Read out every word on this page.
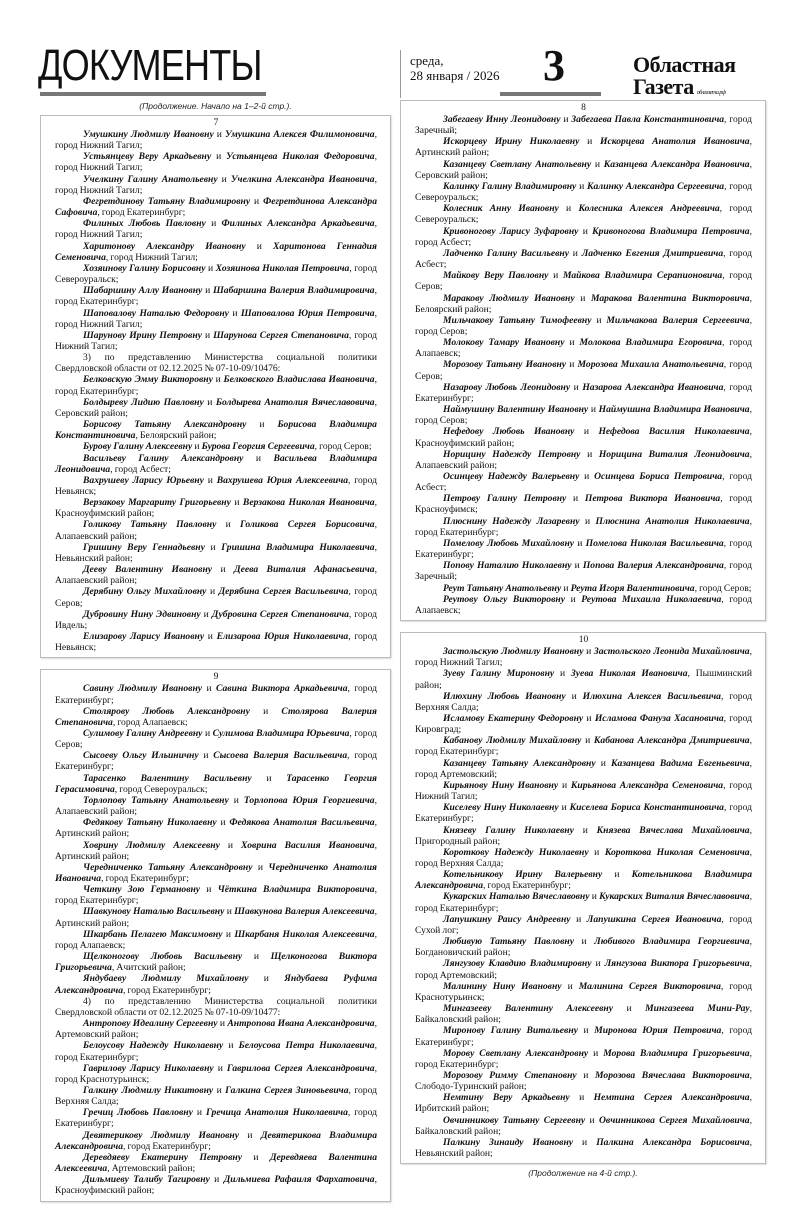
ДОКУМЕНТЫ	среда,
28 января / 2026 3	Областная
Газета облгазета.рф
(Продолжение. Начало на 1–2-й стр.).
7

Умушкину Людмилу Ивановну и Умушкина Алексея Филимоновича, город Нижний Тагил;

Устьянцеву Веру Аркадьевну и Устьянцева Николая Федоровича, город Нижний Тагил;

Учелкину Галину Анатольевну и Учелкина Александра Ивановича, город Нижний Тагил;

Фегретдинову Татьяну Владимировну и Фегретдинова Александра Сафовича, город Екатеринбург;

Филиных Любовь Павловну и Филиных Александра Аркадьевича, город Нижний Тагил;

Харитонову Александру Ивановну и Харитонова Геннадия Семеновича, город Нижний Тагил;

Хозяинову Галину Борисовну и Хозяинова Николая Петровича, город Североуральск;

Шабаршину Аллу Ивановну и Шабаршина Валерия Владимировича, город Екатеринбург;

Шаповалову Наталью Федоровну и Шаповалова Юрия Петровича, город Нижний Тагил;

Шарунову Ирину Петровну и Шарунова Сергея Степановича, город Нижний Тагил;

3) по представлению Министерства социальной политики Свердловской области от 02.12.2025 № 07-10-09/10476:

Белковскую Эмму Викторовну и Белковского Владислава Ивановича, город Екатеринбург;

Болдыреву Лидию Павловну и Болдырева Анатолия Вячеславовича, Серовский район;

Борисову Татьяну Александровну и Борисова Владимира Константиновича, Белоярский район;

Бурову Галину Алексеевну и Бурова Георгия Сергеевича, город Серов;

Васильеву Галину Александровну и Васильева Владимира Леонидовича, город Асбест;

Вахрушеву Ларису Юрьевну и Вахрушева Юрия Алексеевича, город Невьянск;

Верзакову Маргариту Григорьевну и Верзакова Николая Ивановича, Красноуфимский район;

Голикову Татьяну Павловну и Голикова Сергея Борисовича, Алапаевский район;

Гришину Веру Геннадьевну и Гришина Владимира Николаевича, Невьянский район;

Дееву Валентину Ивановну и Деева Виталия Афанасьевича, Алапаевский район;

Дерябину Ольгу Михайловну и Дерябина Сергея Васильевича, город Серов;

Дубровину Нину Эдвиновну и Дубровина Сергея Степановича, город Ивдель;

Елизарову Ларису Ивановну и Елизарова Юрия Николаевича, город Невьянск;

9

Савину Людмилу Ивановну и Савина Виктора Аркадьевича, город Екатеринбург;

Столярову Любовь Александровну и Столярова Валерия Степановича, город Алапаевск;

Сулимову Галину Андреевну и Сулимова Владимира Юрьевича, город Серов;

Сысоеву Ольгу Ильиничну и Сысоева Валерия Васильевича, город Екатеринбург;

Тарасенко Валентину Васильевну и Тарасенко Георгия Герасимовича, город Североуральск;

Торлопову Татьяну Анатольевну и Торлопова Юрия Георгиевича, Алапаевский район;

Федякову Татьяну Николаевну и Федякова Анатолия Васильевича, Артинский район;

Ховрину Людмилу Алексеевну и Ховрина Василия Ивановича, Артинский район;

Чередниченко Татьяну Александровну и Чередниченко Анатолия Ивановича, город Екатеринбург;

Четкину Зою Германовну и Чёткина Владимира Викторовича, город Екатеринбург;

Шавкунову Наталью Васильевну и Шавкунова Валерия Алексеевича, Артинский район;

Шкарбань Пелагею Максимовну и Шкарбаня Николая Алексеевича, город Алапаевск;

Щелконогову Любовь Васильевну и Щелконогова Виктора Григорьевича, Ачитский район;

Яндубаеву Людмилу Михайловну и Яндубаева Руфима Александровича, город Екатеринбург;

4) по представлению Министерства социальной политики Свердловской области от 02.12.2025 № 07-10-09/10477:

Антропову Идеалину Сергеевну и Антропова Ивана Александровича, Артемовский район;

Белоусову Надежду Николаевну и Белоусова Петра Николаевича, город Екатеринбург;

Гаврилову Ларису Николаевну и Гаврилова Сергея Александровича, город Краснотурьинск;

Галкину Людмилу Никитовну и Галкина Сергея Зиновьевича, город Верхняя Салда;

Гречиц Любовь Павловну и Гречица Анатолия Николаевича, город Екатеринбург;

Девятерикову Людмилу Ивановну и Девятерикова Владимира Александровича, город Екатеринбург;

Деревдяеву Екатерину Петровну и Деревдяева Валентина Алексеевича, Артемовский район;

Дильмиеву Талибу Тагировну и Дильмиева Рафаиля Фархатовича, Красноуфимский район;

8

Забегаеву Инну Леонидовну и Забегаева Павла Константиновича, город Заречный;

Искорцеву Ирину Николаевну и Искорцева Анатолия Ивановича, Артинский район;

Казанцеву Светлану Анатольевну и Казанцева Александра Ивановича, Серовский район;

Калинку Галину Владимировну и Калинку Александра Сергеевича, город Североуральск;

Колесник Анну Ивановну и Колесника Алексея Андреевича, город Североуральск;

Кривоногову Ларису Зуфаровну и Кривоногова Владимира Петровича, город Асбест;

Ладченко Галину Васильевну и Ладченко Евгения Дмитриевича, город Асбест;

Майкову Веру Павловну и Майкова Владимира Серапионовича, город Серов;

Маракову Людмилу Ивановну и Маракова Валентина Викторовича, Белоярский район;

Мильчакову Татьяну Тимофеевну и Мильчакова Валерия Сергеевича, город Серов;

Молокову Тамару Ивановну и Молокова Владимира Егоровича, город Алапаевск;

Морозову Татьяну Ивановну и Морозова Михаила Анатольевича, город Серов;

Назарову Любовь Леонидовну и Назарова Александра Ивановича, город Екатеринбург;

Наймушину Валентину Ивановну и Наймушина Владимира Ивановича, город Серов;

Нефедову Любовь Ивановну и Нефедова Василия Николаевича, Красноуфимский район;

Норицину Надежду Петровну и Норицина Виталия Леонидовича, Алапаевский район;

Осинцеву Надежду Валерьевну и Осинцева Бориса Петровича, город Асбест;

Петрову Галину Петровну и Петрова Виктора Ивановича, город Красноуфимск;

Плюснину Надежду Лазаревну и Плюснина Анатолия Николаевича, город Екатеринбург;

Помелову Любовь Михайловну и Помелова Николая Васильевича, город Екатеринбург;

Попову Наталию Николаевну и Попова Валерия Александровича, город Заречный;

Реут Татьяну Анатольевну и Реута Игоря Валентиновича, город Серов;

Реутову Ольгу Викторовну и Реутова Михаила Николаевича, город Алапаевск;

10

Застольскую Людмилу Ивановну и Застольского Леонида Михайловича, город Нижний Тагил;

Зуеву Галину Мироновну и Зуева Николая Ивановича, Пышминский район;

Илюхину Любовь Ивановну и Илюхина Алексея Васильевича, город Верхняя Салда;

Исламову Екатерину Федоровну и Исламова Фануза Хасановича, город Кировград;

Кабанову Людмилу Михайловну и Кабанова Александра Дмитриевича, город Екатеринбург;

Казанцеву Татьяну Александровну и Казанцева Вадима Евгеньевича, город Артемовский;

Кирьянову Нину Ивановну и Кирьянова Александра Семеновича, город Нижний Тагил;

Киселеву Нину Николаевну и Киселева Бориса Константиновича, город Екатеринбург;

Князеву Галину Николаевну и Князева Вячеслава Михайловича, Пригородный район;

Короткову Надежду Николаевну и Короткова Николая Семеновича, город Верхняя Салда;

Котельникову Ирину Валерьевну и Котельникова Владимира Александровича, город Екатеринбург;

Кукарских Наталью Вячеславовну и Кукарских Виталия Вячеславовича, город Екатеринбург;

Лапушкину Раису Андреевну и Лапушкина Сергея Ивановича, город Сухой лог;

Любивую Татьяну Павловну и Любивого Владимира Георгиевича, Богдановичский район;

Лянгузову Клавдию Владимировну и Лянгузова Виктора Григорьевича, город Артемовский;

Малинину Нину Ивановну и Малинина Сергея Викторовича, город Краснотурьинск;

Мингазееву Валентину Алексеевну и Мингазеева Мини-Рау, Байкаловский район;

Миронову Галину Витальевну и Миронова Юрия Петровича, город Екатеринбург;

Морову Светлану Александровну и Морова Владимира Григорьевича, город Екатеринбург;

Морозову Римму Степановну и Морозова Вячеслава Викторовича, Слободо-Туринский район;

Немтину Веру Аркадьевну и Немтина Сергея Александровича, Ирбитский район;

Овчинникову Татьяну Сергеевну и Овчинникова Сергея Михайловича, Байкаловский район;

Палкину Зинаиду Ивановну и Палкина Александра Борисовича, Невьянский район;

(Продолжение на 4-й стр.).
